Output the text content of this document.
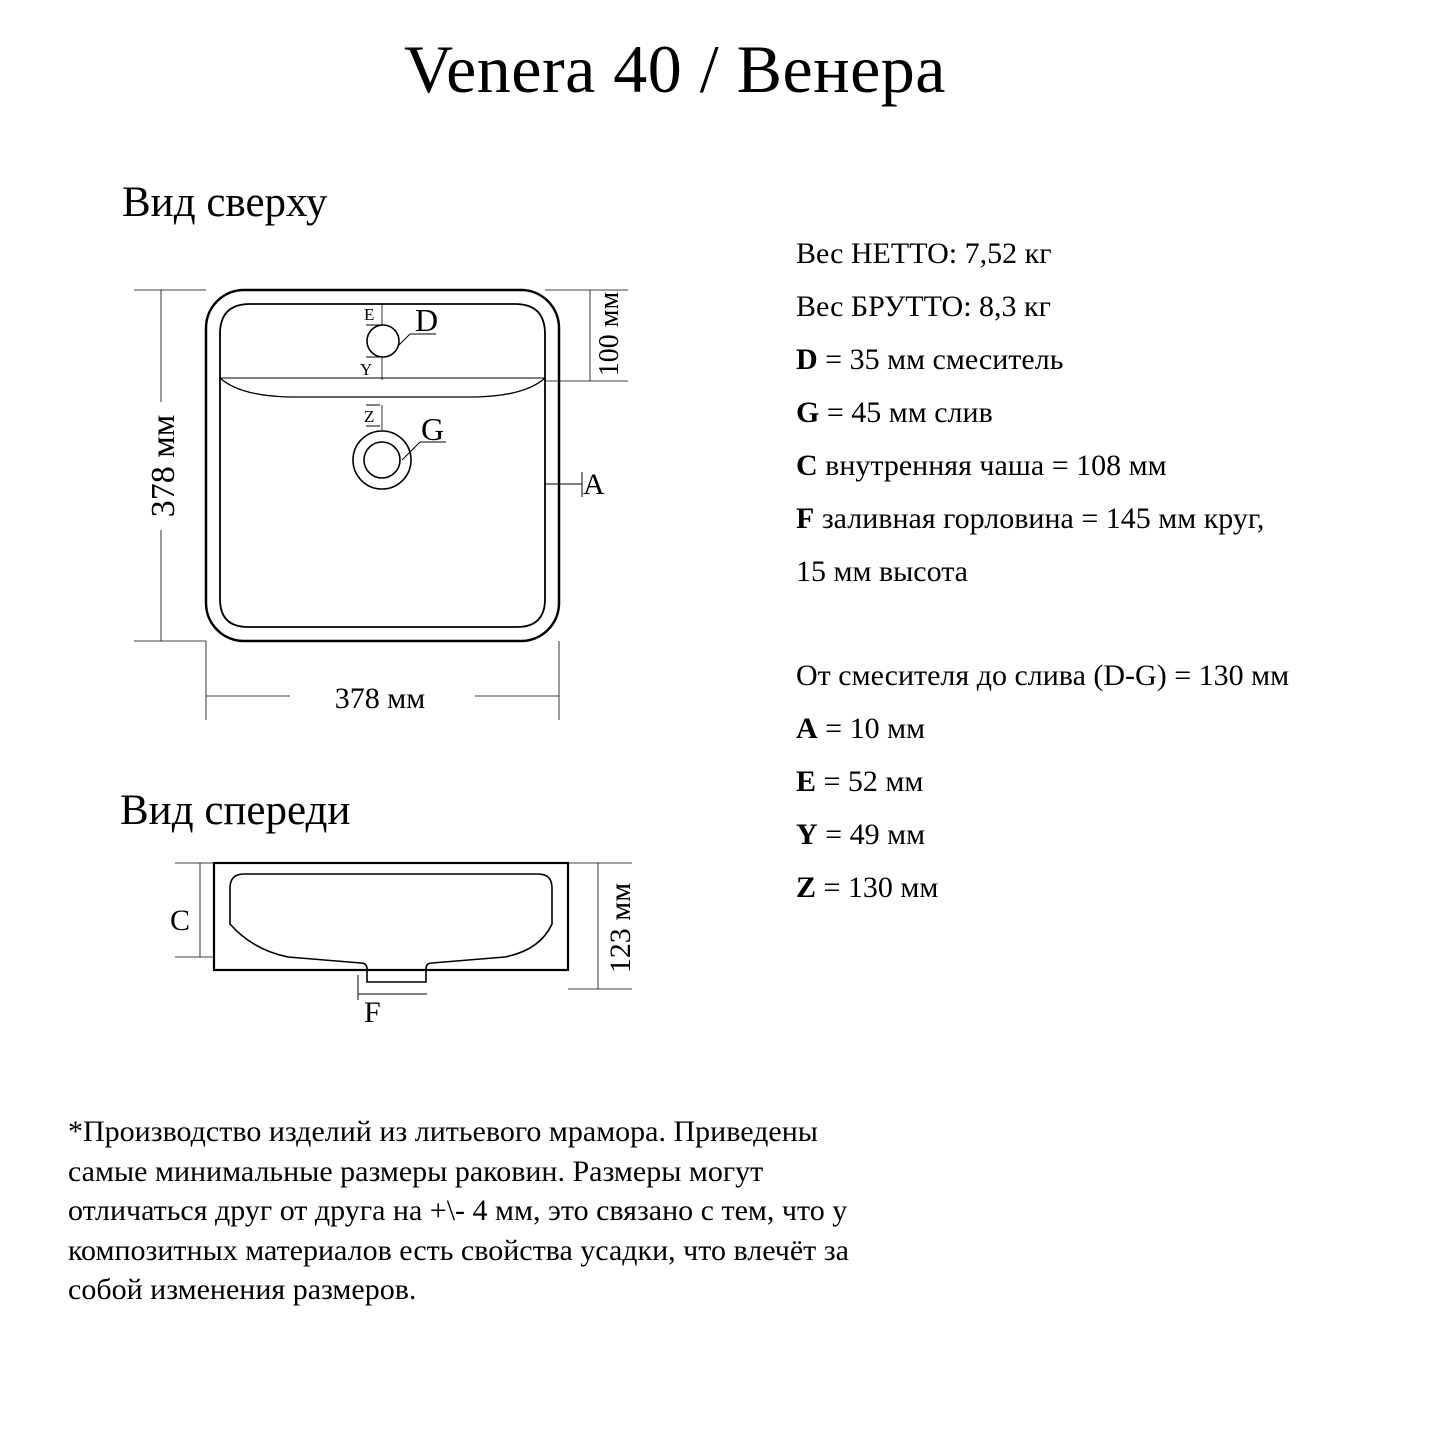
Venera 40 / Венера
Вид сверху
Вид спереди
378 мм
378 мм
100 мм
D
G
A
E
Y
Z
C	123 мм
F
Вес НЕТТО: 7,52 кг
Вес БРУТТО: 8,3 кг
D = 35 мм смеситель
G = 45 мм слив
C внутренняя чаша = 108 мм
F заливная горловина = 145 мм круг,
15 мм высота
От смесителя до слива (D-G) = 130 мм
A = 10 мм
E = 52 мм
Y = 49 мм
Z = 130 мм
*Производство изделий из литьевого мрамора. Приведены
самые минимальные размеры раковин. Размеры могут
отличаться друг от друга на +\- 4 мм, это связано с тем, что у
композитных материалов есть свойства усадки, что влечёт за
собой изменения размеров.
